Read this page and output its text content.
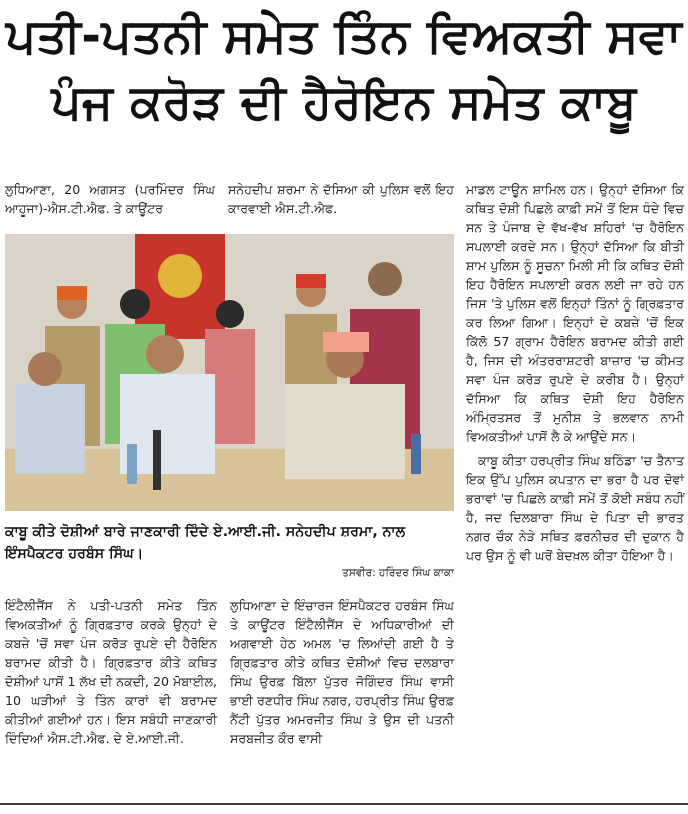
ਪਤੀ-ਪਤਨੀ ਸਮੇਤ ਤਿੰਨ ਵਿਅਕਤੀ ਸਵਾ
ਪੰਜ ਕਰੋੜ ਦੀ ਹੈਰੋਇਨ ਸਮੇਤ ਕਾਬੂ

ਲੁਧਿਆਣਾ, 20 ਅਗਸਤ (ਪਰਮਿੰਦਰ ਸਿੰਘ ਆਹੂਜਾ)-ਐਸ.ਟੀ.ਐਫ. ਤੇ ਕਾਊਂਟਰ

ਸਨੇਹਦੀਪ ਸ਼ਰਮਾ ਨੇ ਦੱਸਿਆ ਕੀ ਪੁਲਿਸ ਵਲੋਂ ਇਹ ਕਾਰਵਾਈ ਐਸ.ਟੀ.ਐਫ.

ਕਾਬੂ ਕੀਤੇ ਦੋਸ਼ੀਆਂ ਬਾਰੇ ਜਾਣਕਾਰੀ ਦਿੰਦੇ ਏ.ਆਈ.ਜੀ. ਸਨੇਹਦੀਪ ਸ਼ਰਮਾ, ਨਾਲ ਇੰਸਪੈਕਟਰ ਹਰਬੰਸ ਸਿੰਘ।
ਤਸਵੀਰ: ਹਰਿੰਦਰ ਸਿੰਘ ਕਾਕਾ

ਮਾਡਲ ਟਾਊਨ ਸ਼ਾਮਿਲ ਹਨ। ਉਨ੍ਹਾਂ ਦੱਸਿਆ ਕਿ ਕਥਿਤ ਦੋਸ਼ੀ ਪਿਛਲੇ ਕਾਫ਼ੀ ਸਮੇਂ ਤੋਂ ਇਸ ਧੰਦੇ ਵਿਚ ਸਨ ਤੇ ਪੰਜਾਬ ਦੇ ਵੱਖ-ਵੱਖ ਸ਼ਹਿਰਾਂ 'ਚ ਹੈਰੋਇਨ ਸਪਲਾਈ ਕਰਦੇ ਸਨ। ਉਨ੍ਹਾਂ ਦੱਸਿਆ ਕਿ ਬੀਤੀ ਸ਼ਾਮ ਪੁਲਿਸ ਨੂੰ ਸੂਚਨਾ ਮਿਲੀ ਸੀ ਕਿ ਕਥਿਤ ਦੋਸ਼ੀ ਇਹ ਹੈਰੋਇਨ ਸਪਲਾਈ ਕਰਨ ਲਈ ਜਾ ਰਹੇ ਹਨ ਜਿਸ 'ਤੇ ਪੁਲਿਸ ਵਲੋਂ ਇਨ੍ਹਾਂ ਤਿੰਨਾਂ ਨੂੰ ਗ੍ਰਿਫ਼ਤਾਰ ਕਰ ਲਿਆ ਗਿਆ। ਇਨ੍ਹਾਂ ਦੇ ਕਬਜ਼ੇ 'ਚੋਂ ਇਕ ਕਿੱਲੋ 57 ਗ੍ਰਾਮ ਹੈਰੋਇਨ ਬਰਾਮਦ ਕੀਤੀ ਗਈ ਹੈ, ਜਿਸ ਦੀ ਅੰਤਰਰਾਸ਼ਟਰੀ ਬਾਜ਼ਾਰ 'ਚ ਕੀਮਤ ਸਵਾ ਪੰਜ ਕਰੋੜ ਰੁਪਏ ਦੇ ਕਰੀਬ ਹੈ। ਉਨ੍ਹਾਂ ਦੱਸਿਆ ਕਿ ਕਥਿਤ ਦੋਸ਼ੀ ਇਹ ਹੈਰੋਇਨ ਅੰਮ੍ਰਿਤਸਰ ਤੋਂ ਮੁਨੀਸ਼ ਤੇ ਭਲਵਾਨ ਨਾਮੀ ਵਿਅਕਤੀਆਂ ਪਾਸੋਂ ਲੈ ਕੇ ਆਉਂਦੇ ਸਨ।

ਕਾਬੂ ਕੀਤਾ ਹਰਪ੍ਰੀਤ ਸਿੰਘ ਬਠਿੰਡਾ 'ਚ ਤੈਨਾਤ ਇਕ ਉੱਪ ਪੁਲਿਸ ਕਪਤਾਨ ਦਾ ਭਰਾ ਹੈ ਪਰ ਦੋਵਾਂ ਭਰਾਵਾਂ 'ਚ ਪਿਛਲੇ ਕਾਫ਼ੀ ਸਮੇਂ ਤੋਂ ਕੋਈ ਸਬੰਧ ਨਹੀਂ ਹੈ, ਜਦ ਦਿਲਬਾਰਾ ਸਿੰਘ ਦੇ ਪਿਤਾ ਦੀ ਭਾਰਤ ਨਗਰ ਚੌਕ ਨੇੜੇ ਸਥਿਤ ਫ਼ਰਨੀਚਰ ਦੀ ਦੁਕਾਨ ਹੈ ਪਰ ਉਸ ਨੂੰ ਵੀ ਘਰੋਂ ਬੇਦਖ਼ਲ ਕੀਤਾ ਹੋਇਆ ਹੈ।

ਇੰਟੈਲੀਜੈਂਸ ਨੇ ਪਤੀ-ਪਤਨੀ ਸਮੇਤ ਤਿੰਨ ਵਿਅਕਤੀਆਂ ਨੂੰ ਗ੍ਰਿਫ਼ਤਾਰ ਕਰਕੇ ਉਨ੍ਹਾਂ ਦੇ ਕਬਜ਼ੇ 'ਚੋਂ ਸਵਾ ਪੰਜ ਕਰੋੜ ਰੁਪਏ ਦੀ ਹੈਰੋਇਨ ਬਰਾਮਦ ਕੀਤੀ ਹੈ। ਗ੍ਰਿਫ਼ਤਾਰ ਕੀਤੇ ਕਥਿਤ ਦੋਸ਼ੀਆਂ ਪਾਸੋਂ 1 ਲੱਖ ਦੀ ਨਕਦੀ, 20 ਮੋਬਾਈਲ, 10 ਘੜੀਆਂ ਤੇ ਤਿੰਨ ਕਾਰਾਂ ਵੀ ਬਰਾਮਦ ਕੀਤੀਆਂ ਗਈਆਂ ਹਨ। ਇਸ ਸਬੰਧੀ ਜਾਣਕਾਰੀ ਦਿੰਦਿਆਂ ਐਸ.ਟੀ.ਐਫ. ਦੇ ਏ.ਆਈ.ਜੀ.

ਲੁਧਿਆਣਾ ਦੇ ਇੰਚਾਰਜ ਇੰਸਪੈਕਟਰ ਹਰਬੰਸ ਸਿੰਘ ਤੇ ਕਾਊਂਟਰ ਇੰਟੈਲੀਜੈਂਸ ਦੇ ਅਧਿਕਾਰੀਆਂ ਦੀ ਅਗਵਾਈ ਹੇਠ ਅਮਲ 'ਚ ਲਿਆਂਦੀ ਗਈ ਹੈ ਤੇ ਗ੍ਰਿਫ਼ਤਾਰ ਕੀਤੇ ਕਥਿਤ ਦੋਸ਼ੀਆਂ ਵਿਚ ਦਲਬਾਰਾ ਸਿੰਘ ਉਰਫ਼ ਬਿੱਲਾ ਪੁੱਤਰ ਜੋਗਿੰਦਰ ਸਿੰਘ ਵਾਸੀ ਭਾਈ ਰਣਧੀਰ ਸਿੰਘ ਨਗਰ, ਹਰਪ੍ਰੀਤ ਸਿੰਘ ਉਰਫ਼ ਨੈਂਟੀ ਪੁੱਤਰ ਅਮਰਜੀਤ ਸਿੰਘ ਤੇ ਉਸ ਦੀ ਪਤਨੀ ਸਰਬਜੀਤ ਕੌਰ ਵਾਸੀ
